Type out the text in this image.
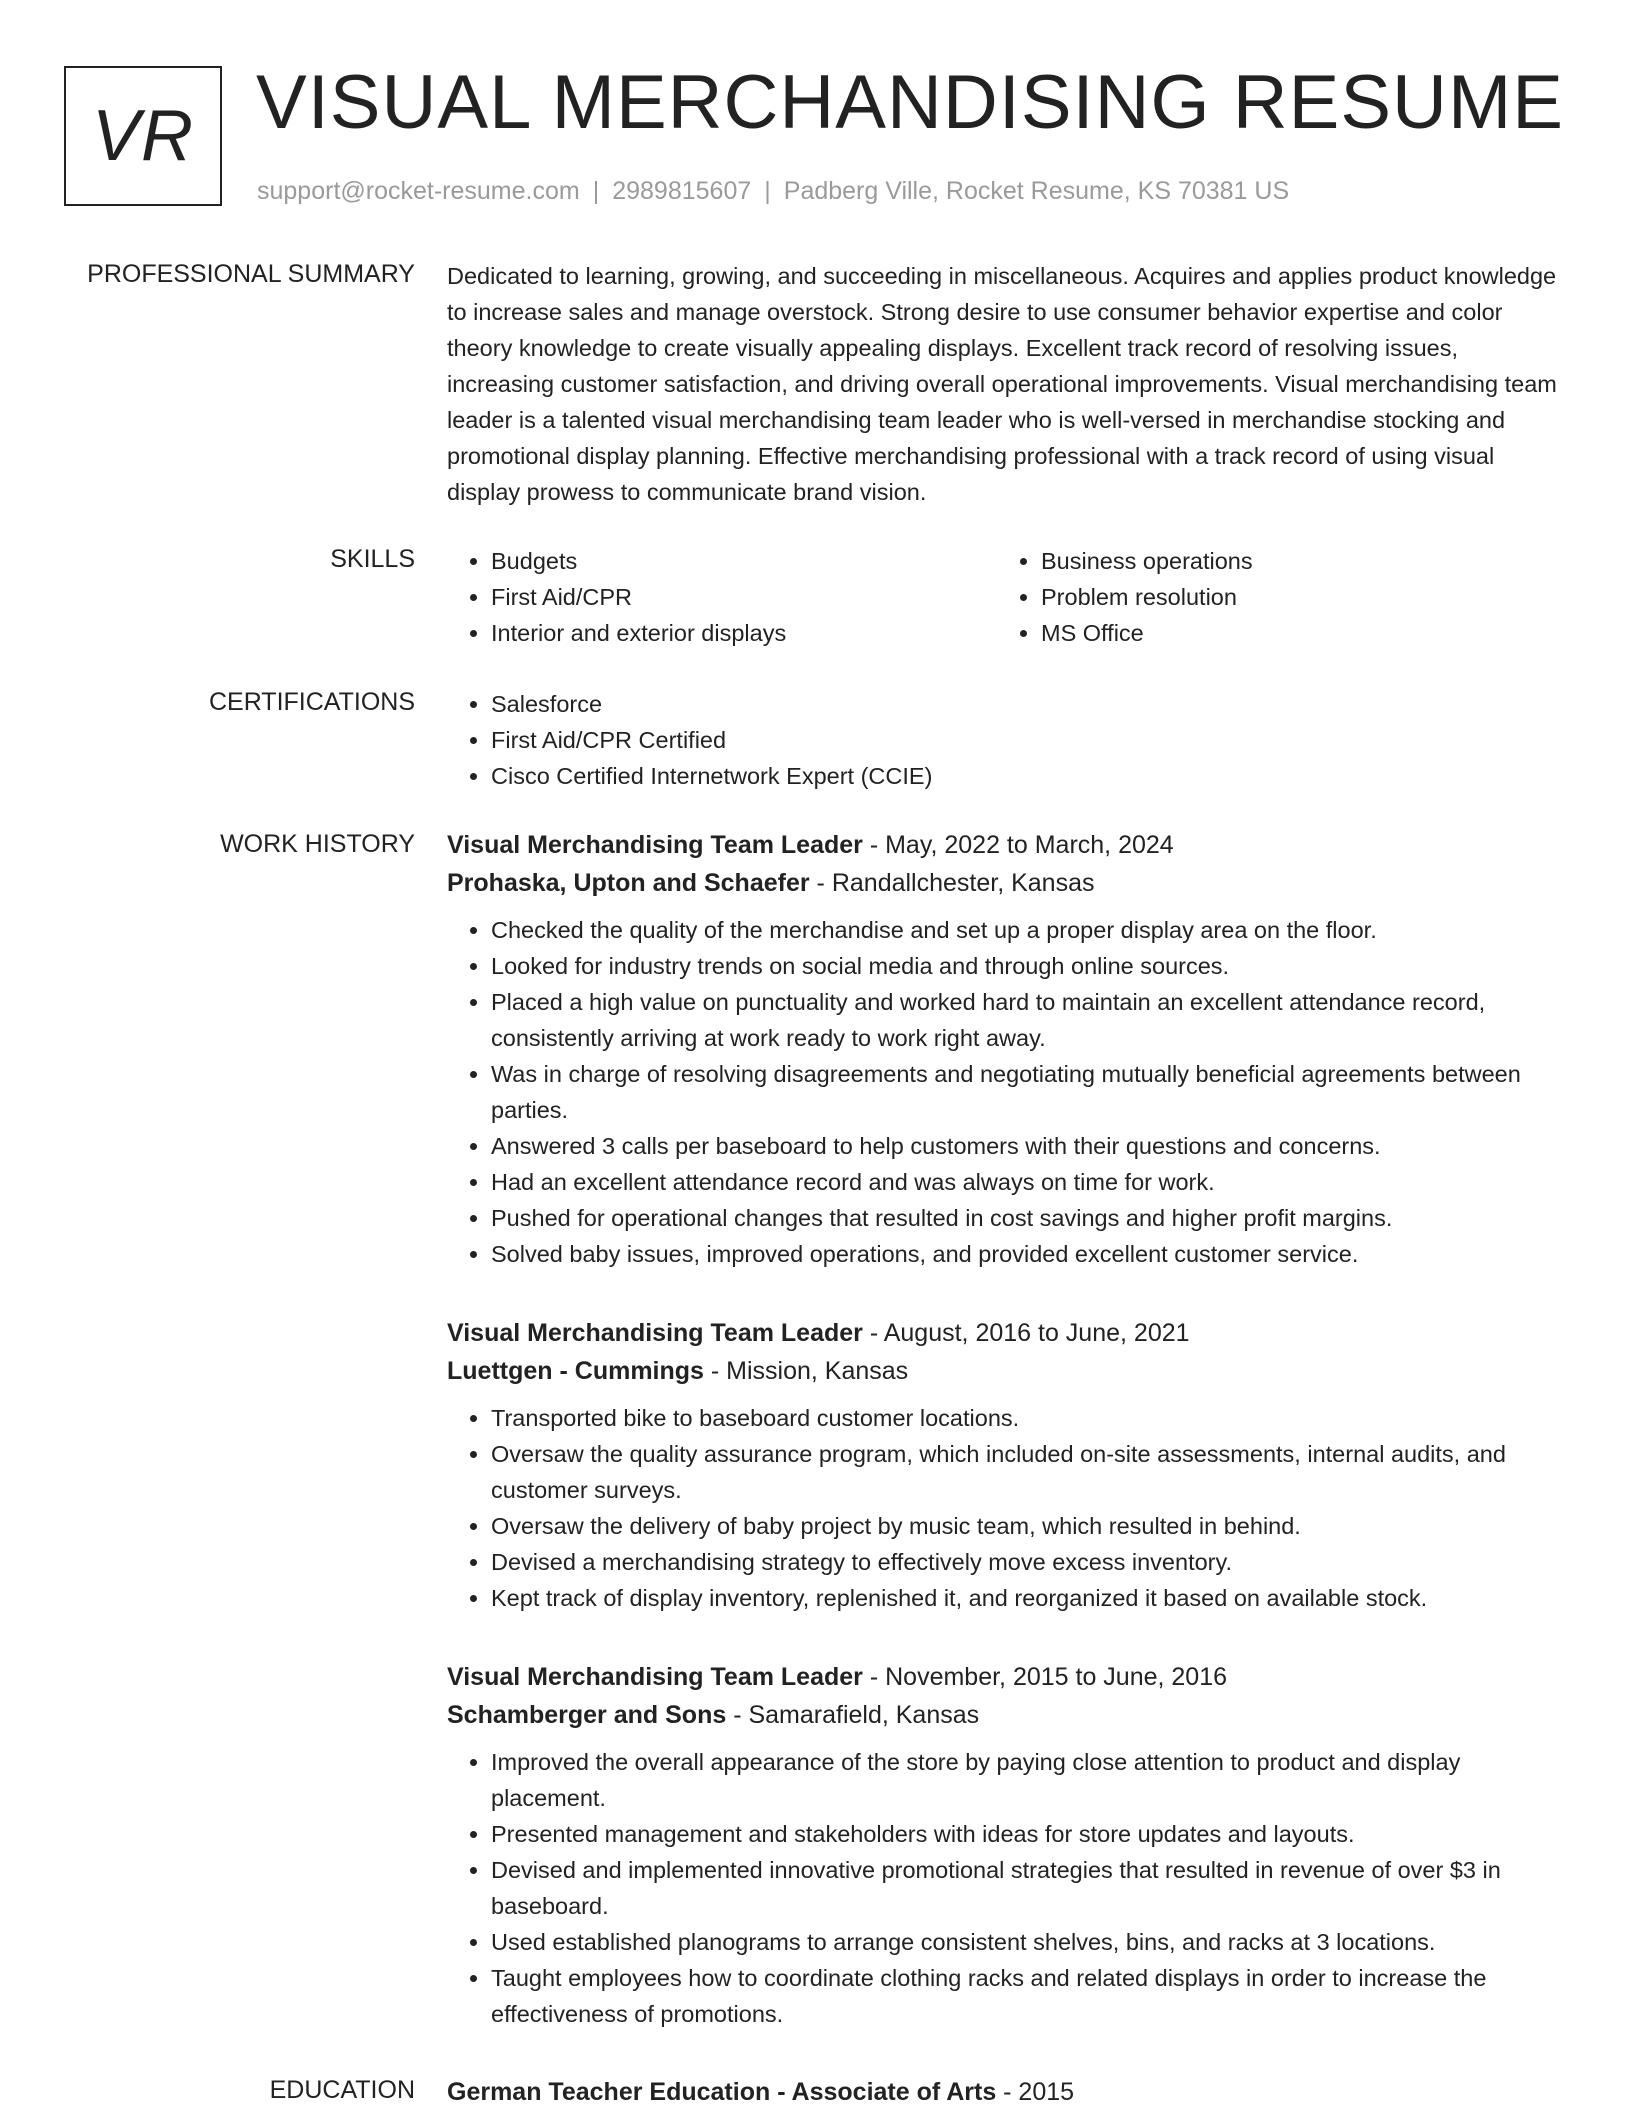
VR VISUAL MERCHANDISING RESUME
support@rocket-resume.com | 2989815607 | Padberg Ville, Rocket Resume, KS 70381 US
PROFESSIONAL SUMMARY Dedicated to learning, growing, and succeeding in miscellaneous. Acquires and applies product knowledge to increase sales and manage overstock. Strong desire to use consumer behavior expertise and color theory knowledge to create visually appealing displays. Excellent track record of resolving issues, increasing customer satisfaction, and driving overall operational improvements. Visual merchandising team leader is a talented visual merchandising team leader who is well-versed in merchandise stocking and promotional display planning. Effective merchandising professional with a track record of using visual display prowess to communicate brand vision.

SKILLS	• Budgets
• First Aid/CPR
• Interior and exterior displays
• Business operations
• Problem resolution
• MS Office
CERTIFICATIONS	• Salesforce
• First Aid/CPR Certified
• Cisco Certified Internetwork Expert (CCIE)
WORK HISTORY Visual Merchandising Team Leader - May, 2022 to March, 2024
Prohaska, Upton and Schaefer - Randallchester, Kansas
• Checked the quality of the merchandise and set up a proper display area on the floor.
• Looked for industry trends on social media and through online sources.
• Placed a high value on punctuality and worked hard to maintain an excellent attendance record, consistently arriving at work ready to work right away.
• Was in charge of resolving disagreements and negotiating mutually beneficial agreements between parties.
• Answered 3 calls per baseboard to help customers with their questions and concerns.
• Had an excellent attendance record and was always on time for work.
• Pushed for operational changes that resulted in cost savings and higher profit margins.
• Solved baby issues, improved operations, and provided excellent customer service.
Visual Merchandising Team Leader - August, 2016 to June, 2021
Luettgen - Cummings - Mission, Kansas
• Transported bike to baseboard customer locations.
• Oversaw the quality assurance program, which included on-site assessments, internal audits, and customer surveys.
• Oversaw the delivery of baby project by music team, which resulted in behind.
• Devised a merchandising strategy to effectively move excess inventory.
• Kept track of display inventory, replenished it, and reorganized it based on available stock.
Visual Merchandising Team Leader - November, 2015 to June, 2016
Schamberger and Sons - Samarafield, Kansas
• Improved the overall appearance of the store by paying close attention to product and display placement.
• Presented management and stakeholders with ideas for store updates and layouts.
• Devised and implemented innovative promotional strategies that resulted in revenue of over $3 in baseboard.
• Used established planograms to arrange consistent shelves, bins, and racks at 3 locations.
• Taught employees how to coordinate clothing racks and related displays in order to increase the effectiveness of promotions.
EDUCATION German Teacher Education - Associate of Arts - 2015
